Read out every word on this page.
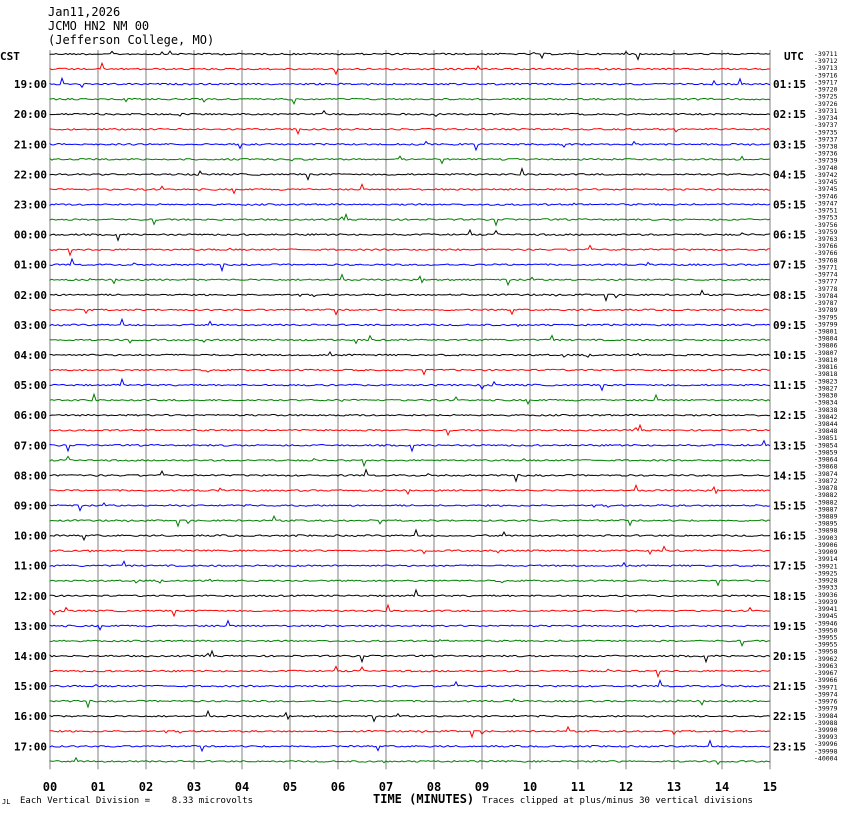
Jan11,2026
JCMO HN2 NM 00
(Jefferson College, MO)
CST	UTC
19:00
20:00
21:00
22:00
23:00
00:00
01:00
02:00
03:00
04:00
05:00
06:00
07:00
08:00
09:00
10:00
11:00
12:00
13:00
14:00
15:00
16:00
17:00
01:15
02:15
03:15
04:15
05:15
06:15
07:15
08:15
09:15
10:15
11:15
12:15
13:15
14:15
15:15
16:15
17:15
18:15
19:15
20:15
21:15
22:15
23:15
-39711
-39712
-39713
-39716
-39717
-39720
-39725
-39726
-39731
-39734
-39737
-39735
-39737
-39738
-39736
-39739
-39740
-39742
-39745
-39745
-39746
-39747
-39751
-39753
-39756
-39759
-39763
-39766
-39766
-39768
-39771
-39774
-39777
-39778
-39784
-39787
-39789
-39795
-39799
-39801
-39804
-39806
-39807
-39810
-39816
-39818
-39823
-39827
-39830
-39834
-39838
-39842
-39844
-39848
-39851
-39854
-39859
-39864
-39868
-39874
-39872
-39878
-39882
-39882
-39887
-39889
-39895
-39898
-39903
-39906
-39909
-39914
-39921
-39925
-39928
-39933
-39936
-39939
-39941
-39945
-39946
-39950
-39955
-39955
-39958
-39962
-39963
-39967
-39966
-39971
-39974
-39976
-39979
-39984
-39988
-39990
-39993
-39996
-39998
-40004
00	01	02	03	04	05	06	07	08	09	10	11	12	13	14	15
JL Each Vertical Division =    8.33 microvolts	TIME (MINUTES) Traces clipped at plus/minus 30 vertical divisions
